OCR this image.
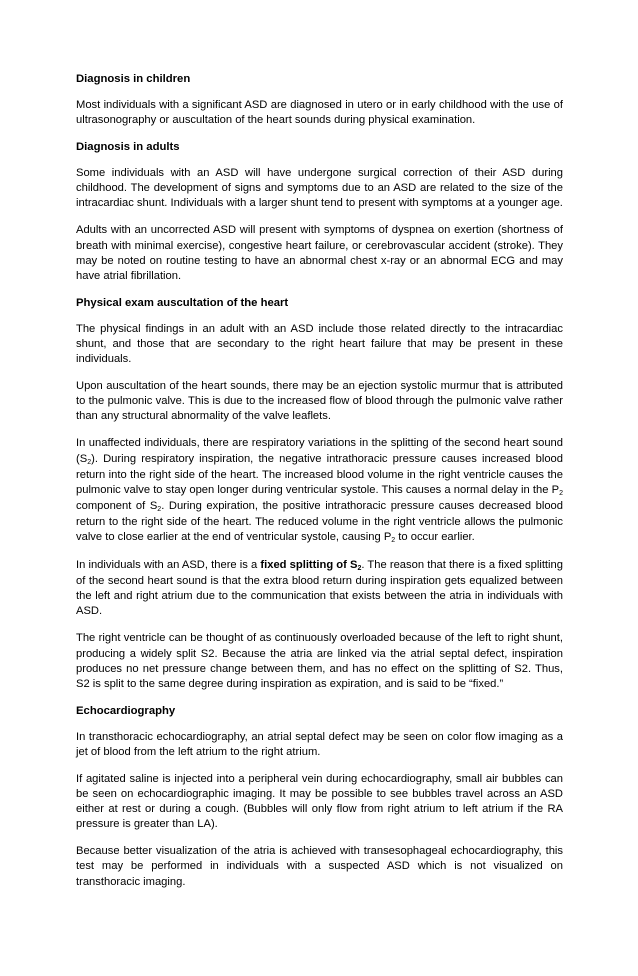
Diagnosis in children

Most individuals with a significant ASD are diagnosed in utero or in early childhood with the use of ultrasonography or auscultation of the heart sounds during physical examination.

Diagnosis in adults

Some individuals with an ASD will have undergone surgical correction of their ASD during childhood. The development of signs and symptoms due to an ASD are related to the size of the intracardiac shunt. Individuals with a larger shunt tend to present with symptoms at a younger age.

Adults with an uncorrected ASD will present with symptoms of dyspnea on exertion (shortness of breath with minimal exercise), congestive heart failure, or cerebrovascular accident (stroke). They may be noted on routine testing to have an abnormal chest x-ray or an abnormal ECG and may have atrial fibrillation.

Physical exam auscultation of the heart

The physical findings in an adult with an ASD include those related directly to the intracardiac shunt, and those that are secondary to the right heart failure that may be present in these individuals.

Upon auscultation of the heart sounds, there may be an ejection systolic murmur that is attributed to the pulmonic valve. This is due to the increased flow of blood through the pulmonic valve rather than any structural abnormality of the valve leaflets.

In unaffected individuals, there are respiratory variations in the splitting of the second heart sound $(S_2)$. During respiratory inspiration, the negative intrathoracic pressure causes increased blood return into the right side of the heart. The increased blood volume in the right ventricle causes the pulmonic valve to stay open longer during ventricular systole. This causes a normal delay in the $P_2$ component of $S_2$. During expiration, the positive intrathoracic pressure causes decreased blood return to the right side of the heart. The reduced volume in the right ventricle allows the pulmonic valve to close earlier at the end of ventricular systole, causing $P_2$ to occur earlier.

In individuals with an ASD, there is a fixed splitting of $S_2$. The reason that there is a fixed splitting of the second heart sound is that the extra blood return during inspiration gets equalized between the left and right atrium due to the communication that exists between the atria in individuals with ASD.

The right ventricle can be thought of as continuously overloaded because of the left to right shunt, producing a widely split S2. Because the atria are linked via the atrial septal defect, inspiration produces no net pressure change between them, and has no effect on the splitting of S2. Thus, S2 is split to the same degree during inspiration as expiration, and is said to be “fixed.”

Echocardiography

In transthoracic echocardiography, an atrial septal defect may be seen on color flow imaging as a jet of blood from the left atrium to the right atrium.

If agitated saline is injected into a peripheral vein during echocardiography, small air bubbles can be seen on echocardiographic imaging. It may be possible to see bubbles travel across an ASD either at rest or during a cough. (Bubbles will only flow from right atrium to left atrium if the RA pressure is greater than LA).

Because better visualization of the atria is achieved with transesophageal echocardiography, this test may be performed in individuals with a suspected ASD which is not visualized on transthoracic imaging.
